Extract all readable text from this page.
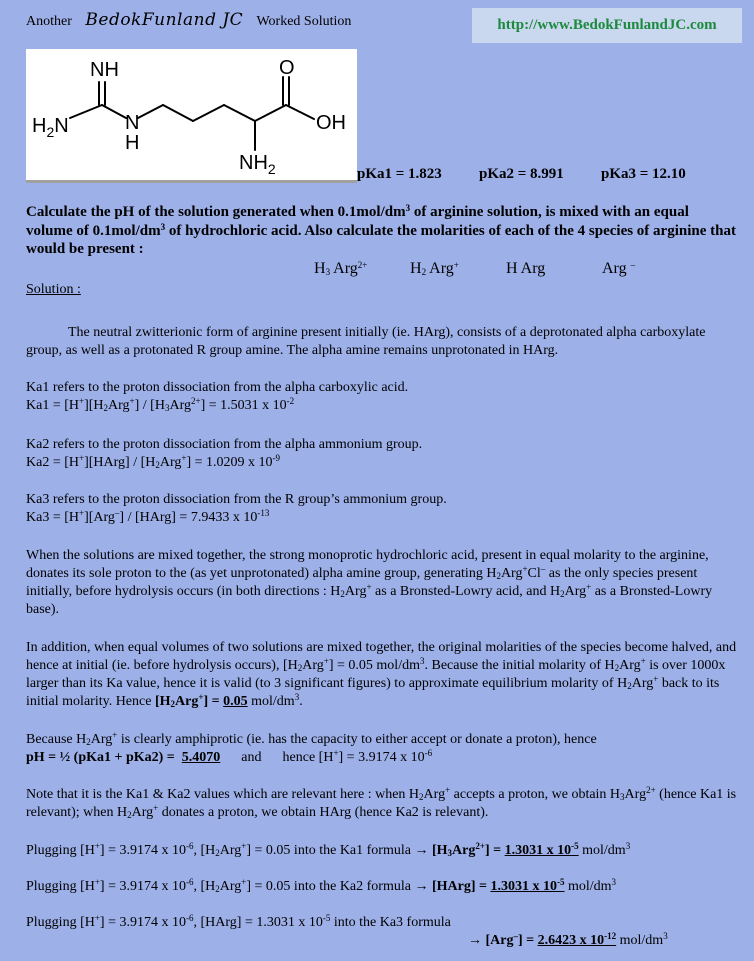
Another BedokFunland JC Worked Solution	http://www.BedokFunlandJC.com
NH
$H_2N$	N
H
O
OH
$NH_2$	pKa1 = 1.823 pKa2 = 8.991 pKa3 = 12.10
Calculate the pH of the solution generated when $0.1mol/dm^3$ of arginine solution, is mixed with an equal volume of $0.1mol/dm^3$ of hydrochloric acid. Also calculate the molarities of each of the 4 species of arginine that would be present :
$H_3$ Arg$^{2+}$	$H_2$ Arg+	H Arg	Arg –
Solution :
The neutral zwitterionic form of arginine present initially (ie. HArg), consists of a deprotonated alpha carboxylate group, as well as a protonated R group amine. The alpha amine remains unprotonated in HArg.
Ka1 refers to the proton dissociation from the alpha carboxylic acid.
$Ka1 = [H^+][H_2Arg^+] / [H_3Arg^{2+}] = 1.5031$ x $10^{-2}$
Ka2 refers to the proton dissociation from the alpha ammonium group.
Ka2 = [H+][HArg] / $[H_2Arg^+] = 1.0209$ x $10^{-9}$
Ka3 refers to the proton dissociation from the R group’s ammonium group.
Ka3 = [H+][Arg–] / [HArg] = 7.9433 x $10^{-13}$
When the solutions are mixed together, the strong monoprotic hydrochloric acid, present in equal molarity to the arginine, donates its sole proton to the (as yet unprotonated) alpha amine group, generating $H_2Arg^+Cl^-$ as the only species present initially, before hydrolysis occurs (in both directions : $H_2Arg^+$ as a Bronsted-Lowry acid, and $H_2Arg^+$ as a Bronsted-Lowry base).
In addition, when equal volumes of two solutions are mixed together, the original molarities of the species become halved, and hence at initial (ie. before hydrolysis occurs), $[H_2Arg^+] = 0.05$ mol/$dm^3$. Because the initial molarity of $H_2Arg^+$ is over 1000x larger than its Ka value, hence it is valid (to 3 significant figures) to approximate equilibrium molarity of $H_2Arg^+$ back to its initial molarity. Hence $[H_2Arg^+] = 0.05$ mol/$dm^3$.
Because $H_2Arg^+$ is clearly amphiprotic (ie. has the capacity to either accept or donate a proton), hence
pH = ½ (pKa1 + pKa2) = 5.4070      and      hence [H+] = 3.9174 x $10^{-6}$
Note that it is the Ka1 & Ka2 values which are relevant here : when $H_2Arg^+$ accepts a proton, we obtain $H_3Arg^{2+}$ (hence Ka1 is relevant); when $H_2Arg^+$ donates a proton, we obtain HArg (hence Ka2 is relevant).
Plugging [H+] = 3.9174 x $10^{-6}$, $[H_2Arg^+] = 0.05$ into the Ka1 formula → $[H_3Arg^{2+}] = 1.3031$ x $10^{-5}$ mol/$dm^3$
Plugging [H+] = 3.9174 x $10^{-6}$, $[H_2Arg^+] = 0.05$ into the Ka2 formula → [HArg] = 1.3031 x $10^{-5}$ mol/$dm^3$
Plugging [H+] = 3.9174 x $10^{-6}$, [HArg] = 1.3031 x $10^{-5}$ into the Ka3 formula
→ [Arg–] = 2.6423 x $10^{-12}$ mol/$dm^3$
